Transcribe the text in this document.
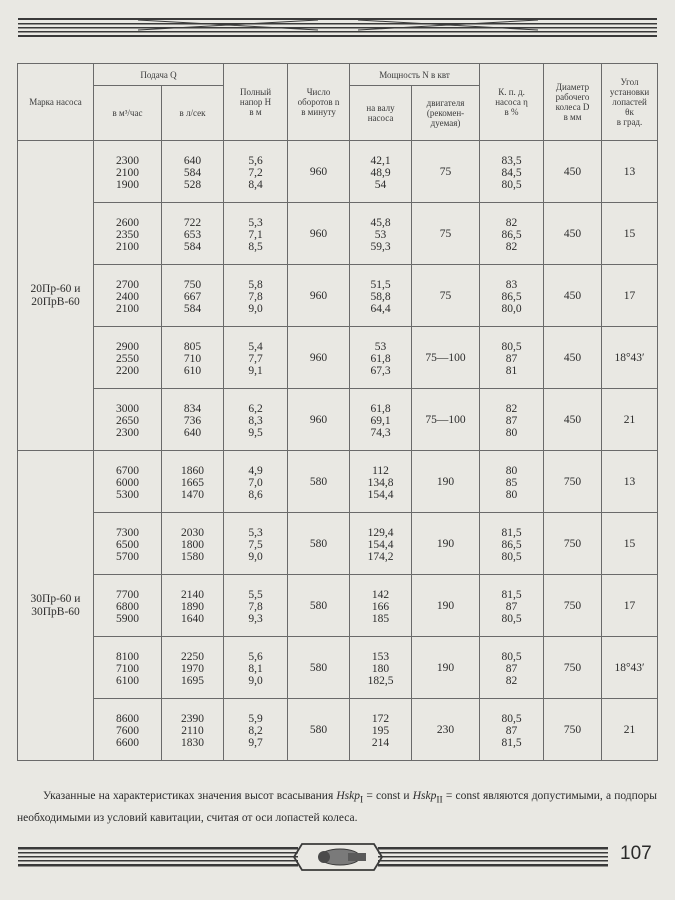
Марка насоса	Подача Q		Полный
напор H
в м	Число
оборотов n
в минуту	Мощность N в квт		К. п. д.
насоса η
в %	Диаметр
рабочего
колеса D
в мм	Угол
установки
лопастей
θк
в град.
	в м³/час	в л/сек			на валу
насоса	двигателя
(рекомен-
дуемая)			
20Пр-60 и
20ПрВ-60	2300
2100
1900	640
584
528	5,6
7,2
8,4	960	42,1
48,9
54	75	83,5
84,5
80,5	450	13
	2600
2350
2100	722
653
584	5,3
7,1
8,5	960	45,8
53
59,3	75	82
86,5
82	450	15
	2700
2400
2100	750
667
584	5,8
7,8
9,0	960	51,5
58,8
64,4	75	83
86,5
80,0	450	17
	2900
2550
2200	805
710
610	5,4
7,7
9,1	960	53
61,8
67,3	75—100	80,5
87
81	450	18°43′
	3000
2650
2300	834
736
640	6,2
8,3
9,5	960	61,8
69,1
74,3	75—100	82
87
80	450	21
30Пр-60 и
30ПрВ-60	6700
6000
5300	1860
1665
1470	4,9
7,0
8,6	580	112
134,8
154,4	190	80
85
80	750	13
	7300
6500
5700	2030
1800
1580	5,3
7,5
9,0	580	129,4
154,4
174,2	190	81,5
86,5
80,5	750	15
	7700
6800
5900	2140
1890
1640	5,5
7,8
9,3	580	142
166
185	190	81,5
87
80,5	750	17
	8100
7100
6100	2250
1970
1695	5,6
8,1
9,0	580	153
180
182,5	190	80,5
87
82	750	18°43′
	8600
7600
6600	2390
2110
1830	5,9
8,2
9,7	580	172
195
214	230	80,5
87
81,5	750	21

Указанные на характеристиках значения высот всасывания Hskp$_I$ = const и Hskp$_{II}$ = const являются допустимыми, а подпоры необходимыми из условий кавитации, считая от оси лопастей колеса.

107
